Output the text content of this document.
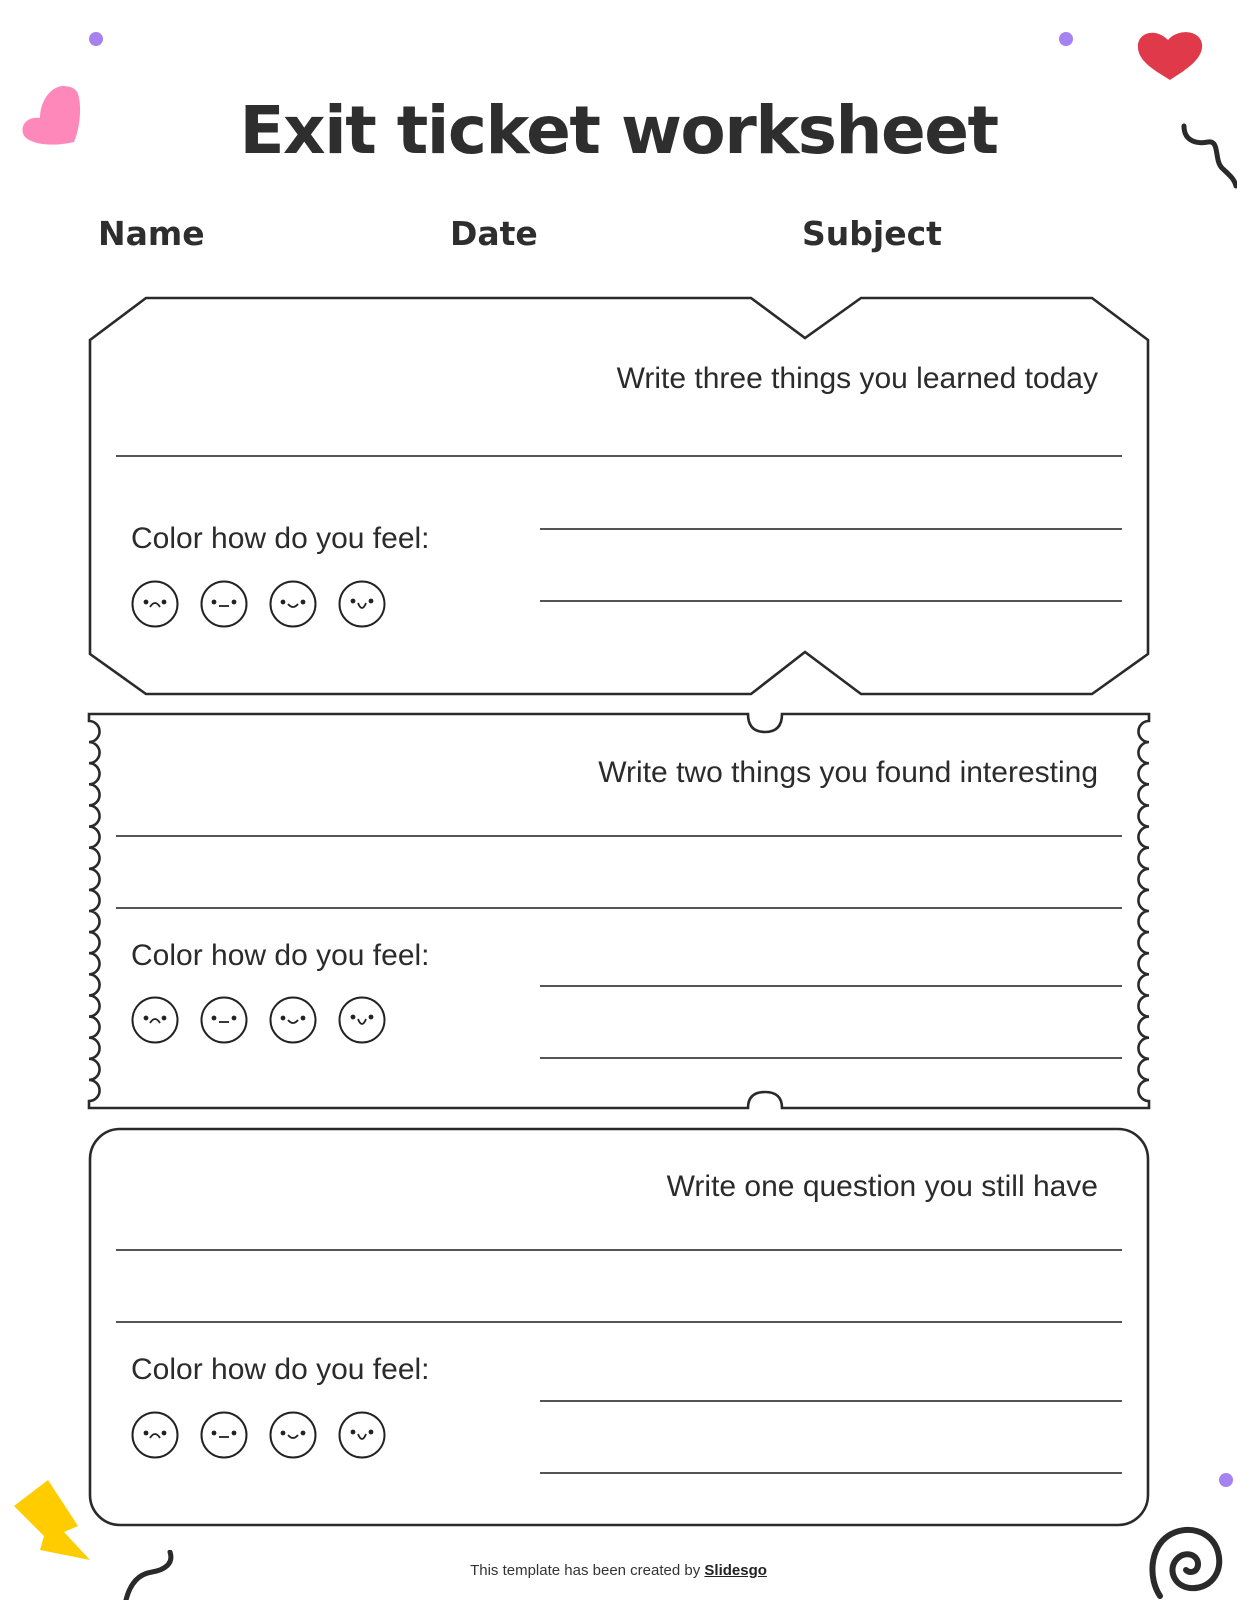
Exit ticket worksheet
Name	Date	Subject
Write three things you learned today
Color how do you feel:
Write two things you found interesting
Color how do you feel:
Write one question you still have
Color how do you feel:
This template has been created by Slidesgo
